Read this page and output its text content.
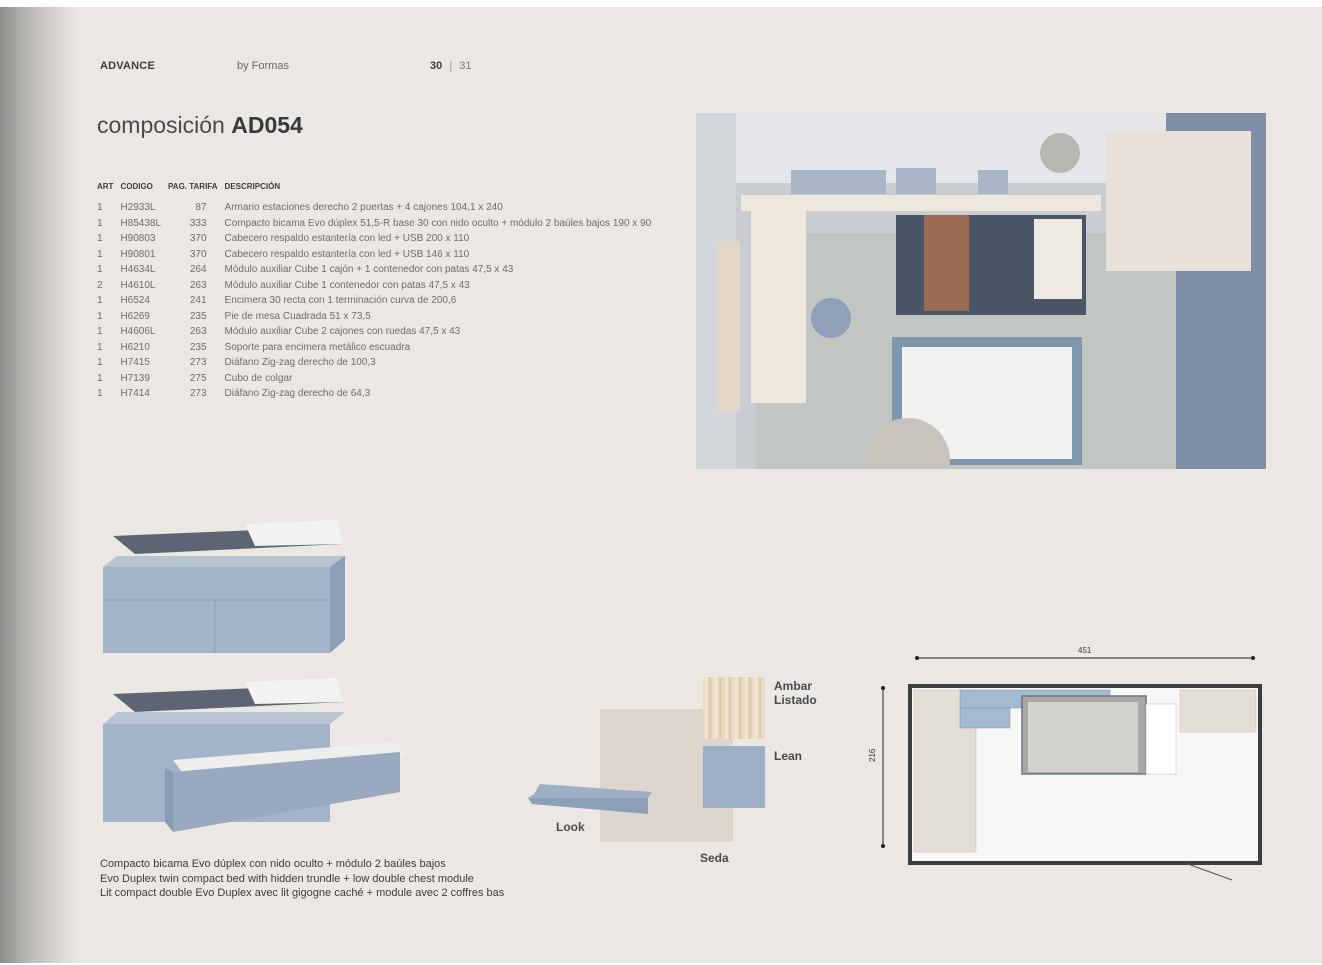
ADVANCE	by Formas	30 | 31
composición AD054
ART	CODIGO	PAG. TARIFA	DESCRIPCIÓN
1	H2933L	87	Armario estaciones derecho 2 puertas + 4 cajones 104,1 x 240
1	H85438L	333	Compacto bicama Evo dúplex 51,5-R base 30 con nido oculto + módulo 2 baúles bajos 190 x 90
1	H90803	370	Cabecero respaldo estantería con led + USB 200 x 110
1	H90801	370	Cabecero respaldo estantería con led + USB 146 x 110
1	H4634L	264	Módulo auxiliar Cube 1 cajón + 1 contenedor con patas 47,5 x 43
2	H4610L	263	Módulo auxiliar Cube 1 contenedor con patas 47,5 x 43
1	H6524	241	Encimera 30 recta con 1 terminación curva de 200,6
1	H6269	235	Pie de mesa Cuadrada 51 x 73,5
1	H4606L	263	Módulo auxiliar Cube 2 cajones con ruedas 47,5 x 43
1	H6210	235	Soporte para encimera metálico escuadra
1	H7415	273	Diáfano Zig-zag derecho de 100,3
1	H7139	275	Cubo de colgar
1	H7414	273	Diáfano Zig-zag derecho de 64,3
Ambar
Listado
Lean
Look
Seda
451
216
Compacto bicama Evo dúplex con nido oculto + módulo 2 baúles bajos
Evo Duplex twin compact bed with hidden trundle + low double chest module
Lit compact double Evo Duplex avec lit gigogne caché + module avec 2 coffres bas
